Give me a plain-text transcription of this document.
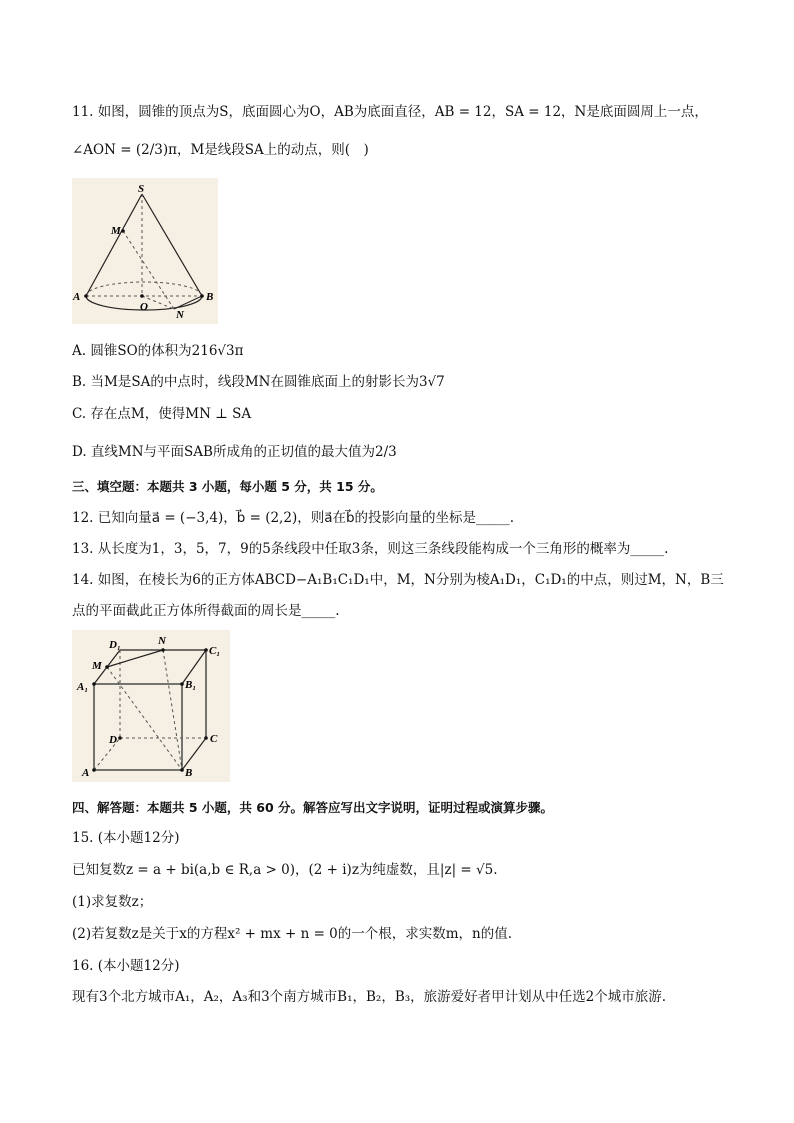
11. 如图，圆锥的顶点为S，底面圆心为O，AB为底面直径，AB = 12，SA = 12，N是底面圆周上一点，
∠AON = (2/3)π，M是线段SA上的动点，则(　)
S
M
A
O
N
B
A. 圆锥SO的体积为216√3π
B. 当M是SA的中点时，线段MN在圆锥底面上的射影长为3√7
C. 存在点M，使得MN ⊥ SA
D. 直线MN与平面SAB所成角的正切值的最大值为2/3
三、填空题：本题共 3 小题，每小题 5 分，共 15 分。
12. 已知向量a⃗ = (−3,4)，b⃗ = (2,2)，则a⃗在b⃗的投影向量的坐标是_____.
13. 从长度为1，3，5，7，9的5条线段中任取3条，则这三条线段能构成一个三角形的概率为_____.
14. 如图，在棱长为6的正方体ABCD−A₁B₁C₁D₁中，M，N分别为棱A₁D₁，C₁D₁的中点，则过M，N，B三
点的平面截此正方体所得截面的周长是_____.
D₁	N
C₁
M
A₁	B₁
D	C
A	B
四、解答题：本题共 5 小题，共 60 分。解答应写出文字说明，证明过程或演算步骤。
15. (本小题12分)
已知复数z = a + bi(a,b ∈ R,a > 0)，(2 + i)z为纯虚数，且|z| = √5.
(1)求复数z；
(2)若复数z是关于x的方程x² + mx + n = 0的一个根，求实数m，n的值.
16. (本小题12分)
现有3个北方城市A₁，A₂，A₃和3个南方城市B₁，B₂，B₃，旅游爱好者甲计划从中任选2个城市旅游.
